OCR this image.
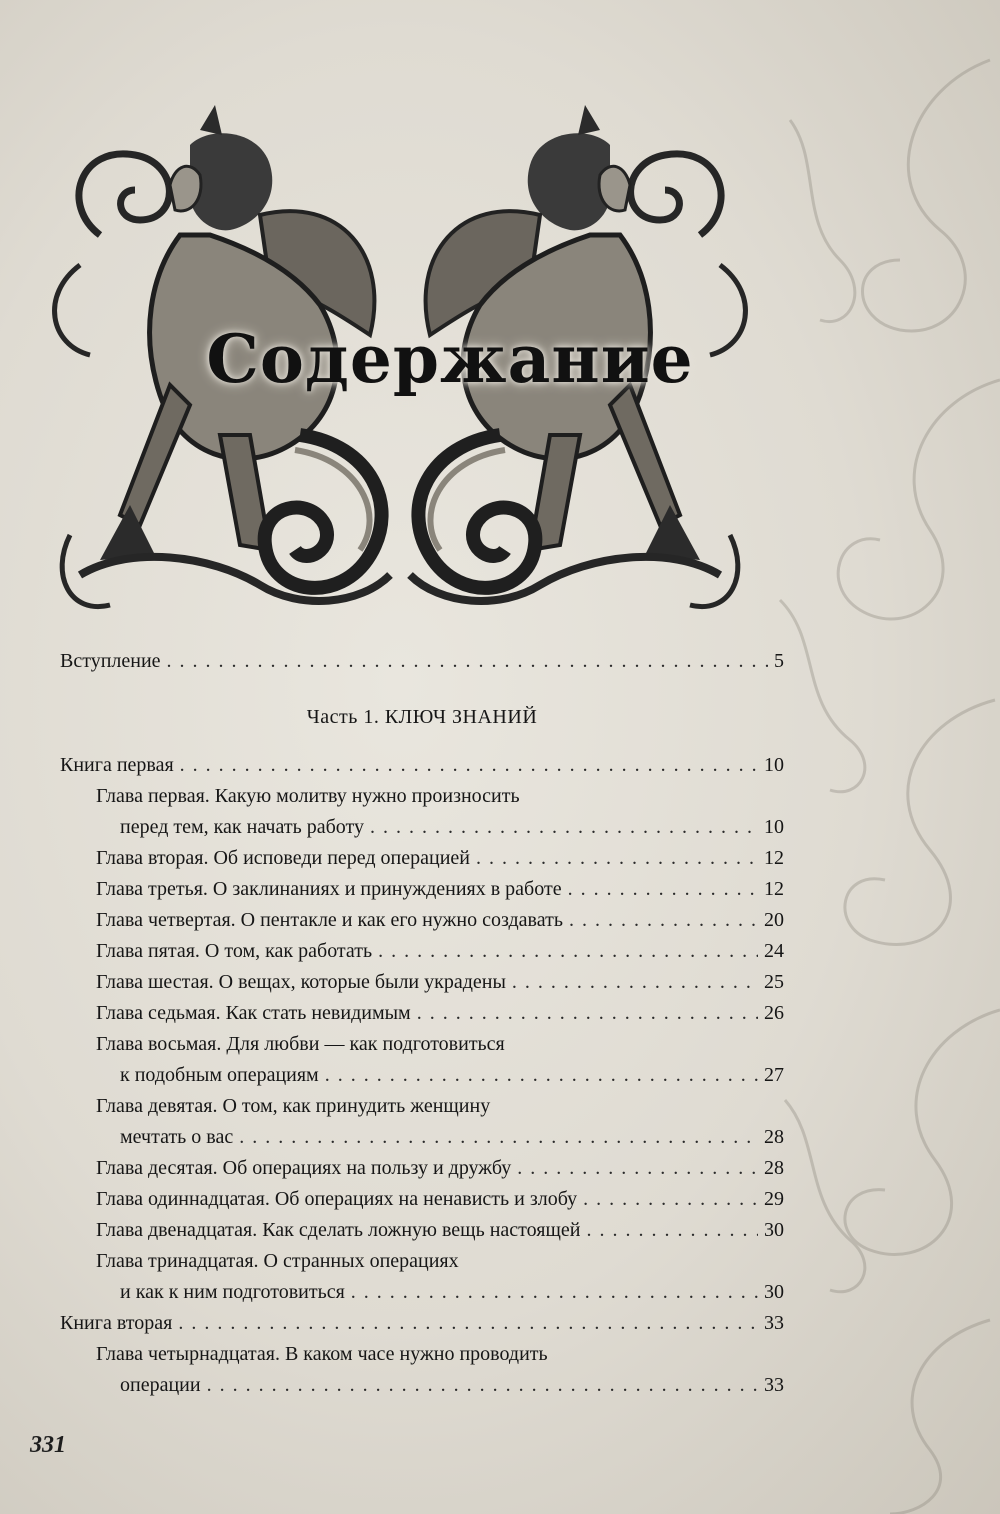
Содержание
Вступление . . .	5
Часть 1. КЛЮЧ ЗНАНИЙ
Книга первая . . .	10
Глава первая. Какую молитву нужно произносить
перед тем, как начать работу . . .	10
Глава вторая. Об исповеди перед операцией . . .	12
Глава третья. О заклинаниях и принуждениях в работе . . .	12
Глава четвертая. О пентакле и как его нужно создавать . . .	20
Глава пятая. О том, как работать . . .	24
Глава шестая. О вещах, которые были украдены . . .	25
Глава седьмая. Как стать невидимым . . .	26
Глава восьмая. Для любви — как подготовиться
к подобным операциям . . .	27
Глава девятая. О том, как принудить женщину
мечтать о вас . . .	28
Глава десятая. Об операциях на пользу и дружбу . . .	28
Глава одиннадцатая. Об операциях на ненависть и злобу . . .	29
Глава двенадцатая. Как сделать ложную вещь настоящей . . .	30
Глава тринадцатая. О странных операциях
и как к ним подготовиться . . .	30
Книга вторая . . .	33
Глава четырнадцатая. В каком часе нужно проводить
операции . . .	33
331
